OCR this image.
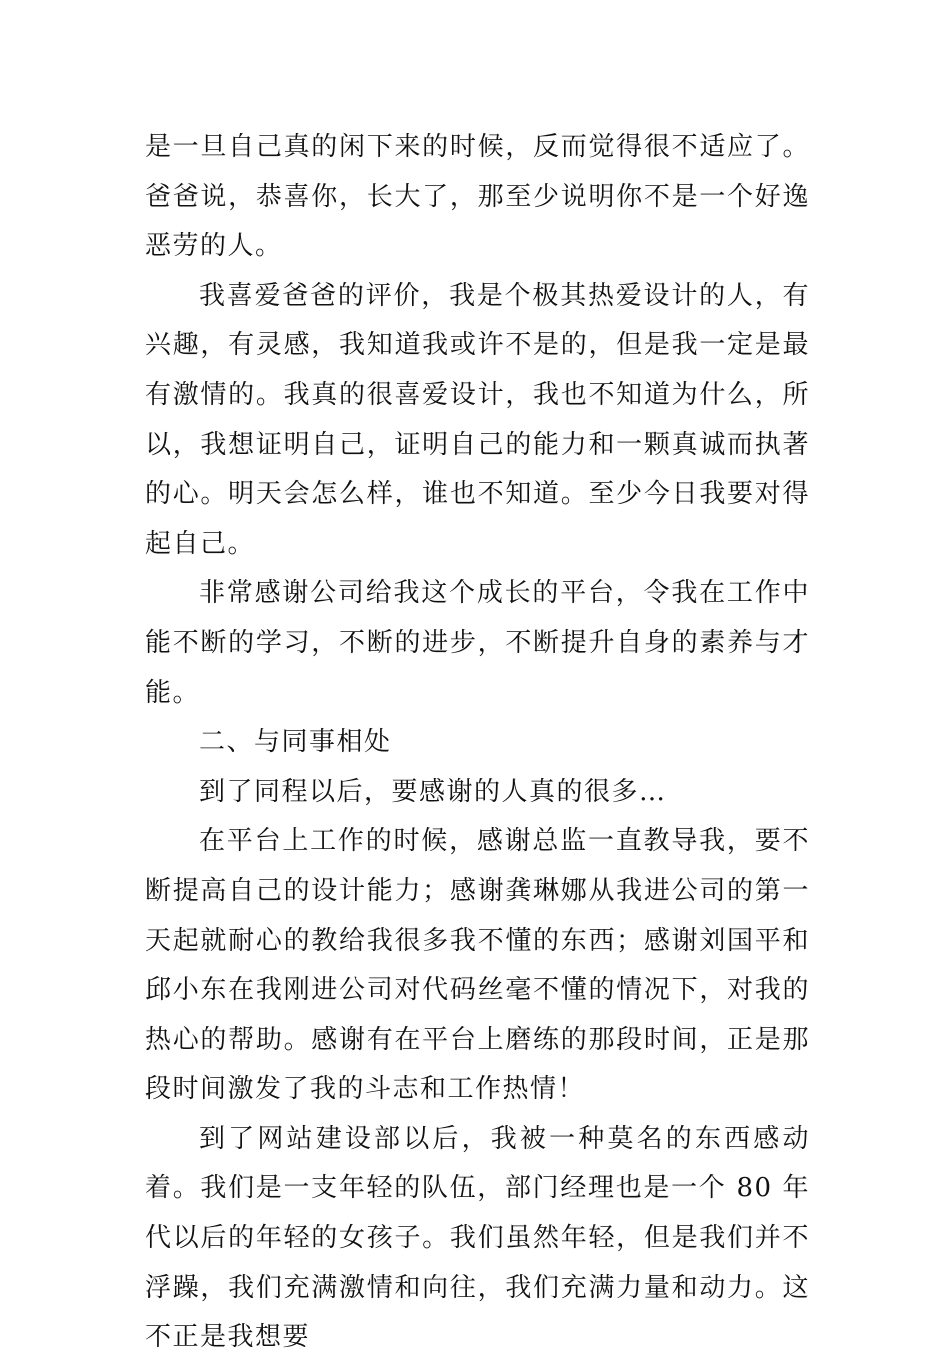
是一旦自己真的闲下来的时候，反而觉得很不适应了。爸爸说，恭喜你，长大了，那至少说明你不是一个好逸恶劳的人。

我喜爱爸爸的评价，我是个极其热爱设计的人，有兴趣，有灵感，我知道我或许不是的，但是我一定是最有激情的。我真的很喜爱设计，我也不知道为什么，所以，我想证明自己，证明自己的能力和一颗真诚而执著的心。明天会怎么样，谁也不知道。至少今日我要对得起自己。

非常感谢公司给我这个成长的平台，令我在工作中能不断的学习，不断的进步，不断提升自身的素养与才能。

二、与同事相处

到了同程以后，要感谢的人真的很多…

在平台上工作的时候，感谢总监一直教导我，要不断提高自己的设计能力；感谢龚琳娜从我进公司的第一天起就耐心的教给我很多我不懂的东西；感谢刘国平和邱小东在我刚进公司对代码丝毫不懂的情况下，对我的热心的帮助。感谢有在平台上磨练的那段时间，正是那段时间激发了我的斗志和工作热情！

到了网站建设部以后，我被一种莫名的东西感动着。我们是一支年轻的队伍，部门经理也是一个 80 年代以后的年轻的女孩子。我们虽然年轻，但是我们并不浮躁，我们充满激情和向往，我们充满力量和动力。这不正是我想要
